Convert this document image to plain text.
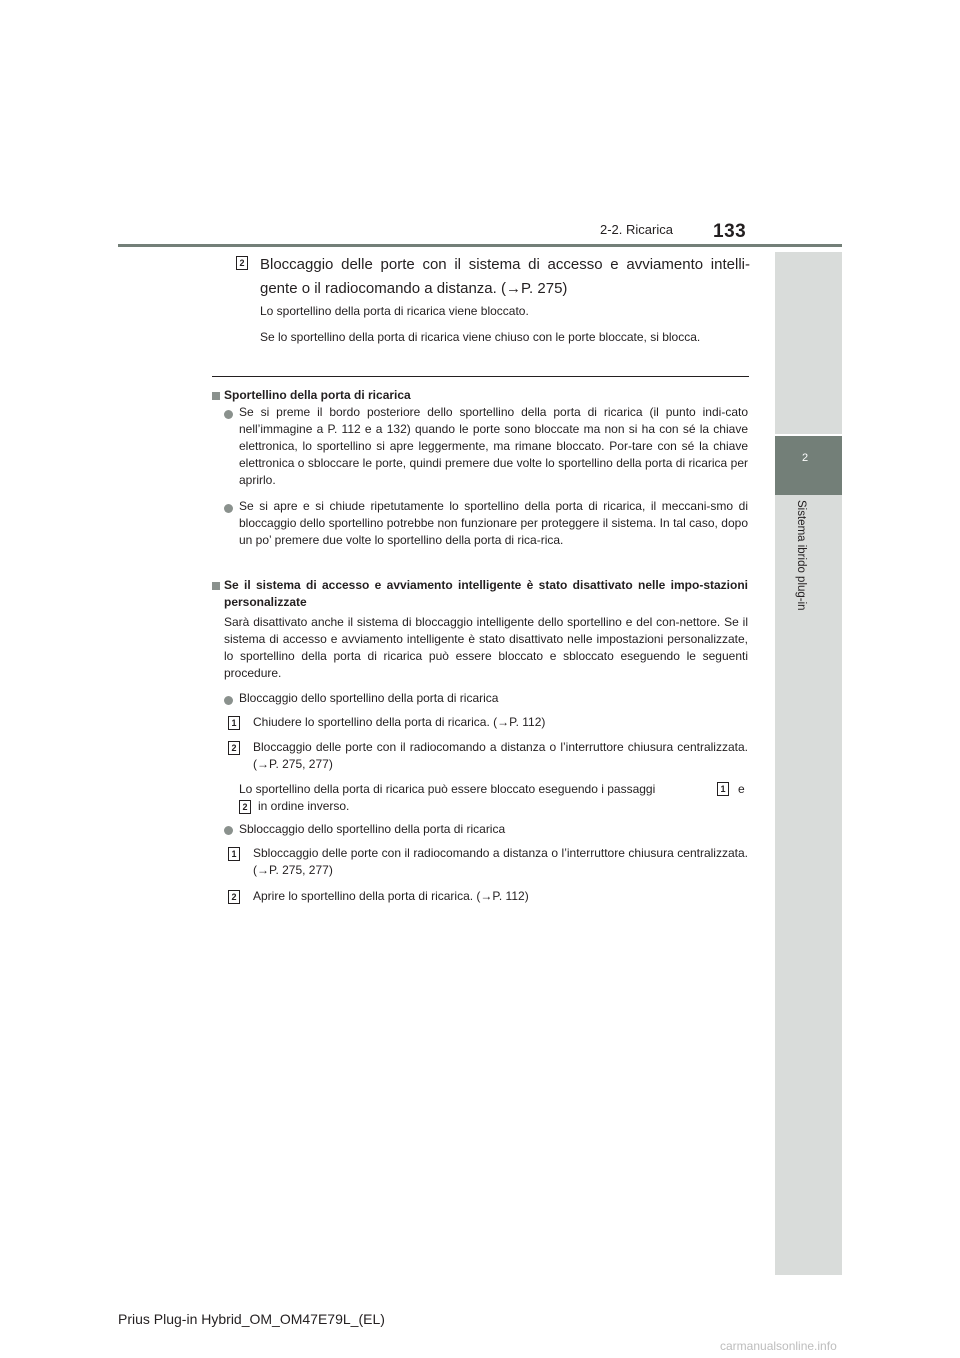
2-2. Ricarica 133
2
Sistema ibrido plug-in
2 Bloccaggio delle porte con il sistema di accesso e avviamento intelli-gente o il radiocomando a distanza. (→P. 275)
Lo sportellino della porta di ricarica viene bloccato.
Se lo sportellino della porta di ricarica viene chiuso con le porte bloccate, si blocca.
Sportellino della porta di ricarica
Se si preme il bordo posteriore dello sportellino della porta di ricarica (il punto indi-cato nell’immagine a P. 112 e a 132) quando le porte sono bloccate ma non si ha con sé la chiave elettronica, lo sportellino si apre leggermente, ma rimane bloccato. Por-tare con sé la chiave elettronica o sbloccare le porte, quindi premere due volte lo sportellino della porta di ricarica per aprirlo.
Se si apre e si chiude ripetutamente lo sportellino della porta di ricarica, il meccani-smo di bloccaggio dello sportellino potrebbe non funzionare per proteggere il sistema. In tal caso, dopo un po’ premere due volte lo sportellino della porta di rica-rica.
Se il sistema di accesso e avviamento intelligente è stato disattivato nelle impo-stazioni personalizzate
Sarà disattivato anche il sistema di bloccaggio intelligente dello sportellino e del con-nettore. Se il sistema di accesso e avviamento intelligente è stato disattivato nelle impostazioni personalizzate, lo sportellino della porta di ricarica può essere bloccato e sbloccato eseguendo le seguenti procedure.
Bloccaggio dello sportellino della porta di ricarica
1 Chiudere lo sportellino della porta di ricarica. (→P. 112)
2 Bloccaggio delle porte con il radiocomando a distanza o l’interruttore chiusura centralizzata. (→P. 275, 277)
Lo sportellino della porta di ricarica può essere bloccato eseguendo i passaggi	1 e
2 in ordine inverso.
Sbloccaggio dello sportellino della porta di ricarica
1 Sbloccaggio delle porte con il radiocomando a distanza o l’interruttore chiusura centralizzata. (→P. 275, 277)
2 Aprire lo sportellino della porta di ricarica. (→P. 112)
Prius Plug-in Hybrid_OM_OM47E79L_(EL)
carmanualsonline.info
